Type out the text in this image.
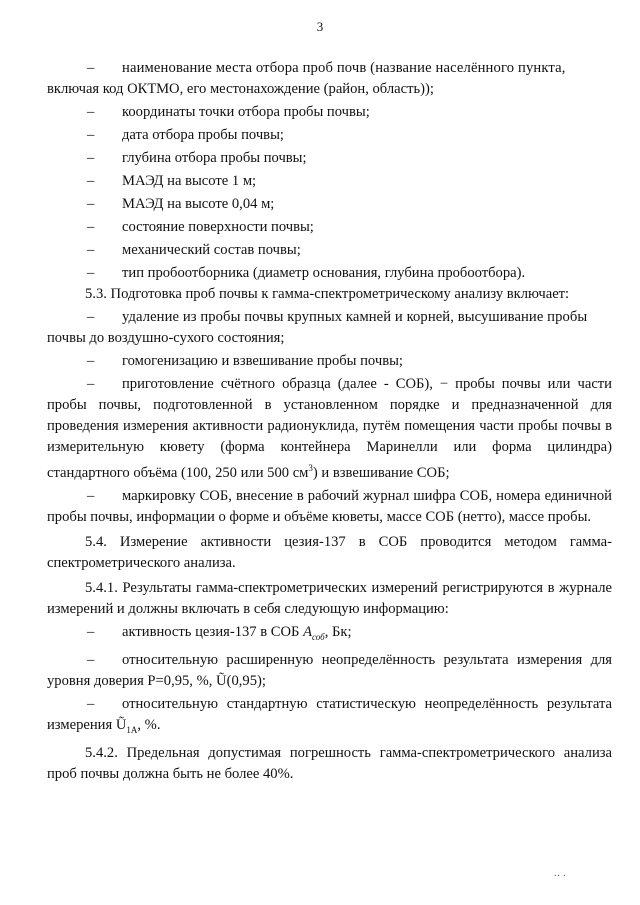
3

–	наименование места отбора проб почв (название населённого пункта,

включая код ОКТМО, его местонахождение (район, область));

–	координаты точки отбора пробы почвы;

–	дата отбора пробы почвы;

–	глубина отбора пробы почвы;

–	МАЭД на высоте 1 м;

–	МАЭД на высоте 0,04 м;

–	состояние поверхности почвы;

–	механический состав почвы;

–	тип пробоотборника (диаметр основания, глубина пробоотбора).

5.3. Подготовка проб почвы к гамма-спектрометрическому анализу включает:

–	удаление из пробы почвы крупных камней и корней, высушивание пробы

почвы до воздушно-сухого состояния;

–	гомогенизацию и взвешивание пробы почвы;

– приготовление счётного образца (далее - СОБ), − пробы почвы или части пробы почвы, подготовленной в установленном порядке и предназначенной для проведения измерения активности радионуклида, путём помещения части пробы почвы в измерительную кювету (форма контейнера Маринелли или форма цилиндра) стандартного объёма (100, 250 или 500 $см^3$) и взвешивание СОБ;

– маркировку СОБ, внесение в рабочий журнал шифра СОБ, номера единичной пробы почвы, информации о форме и объёме кюветы, массе СОБ (нетто), массе пробы.

5.4. Измерение активности цезия-137 в СОБ проводится методом гамма-спектрометрического анализа.

5.4.1. Результаты гамма-спектрометрических измерений регистрируются в журнале измерений и должны включать в себя следующую информацию:

–	активность цезия-137 в СОБ $A_{соб}$, Бк;

– относительную расширенную неопределённость результата измерения для уровня доверия P=0,95, %, Ũ(0,95);

– относительную стандартную статистическую неопределённость результата измерения $Ũ_{1A}$, %.

5.4.2. Предельная допустимая погрешность гамма-спектрометрического анализа проб почвы должна быть не более 40%.

·· ·
